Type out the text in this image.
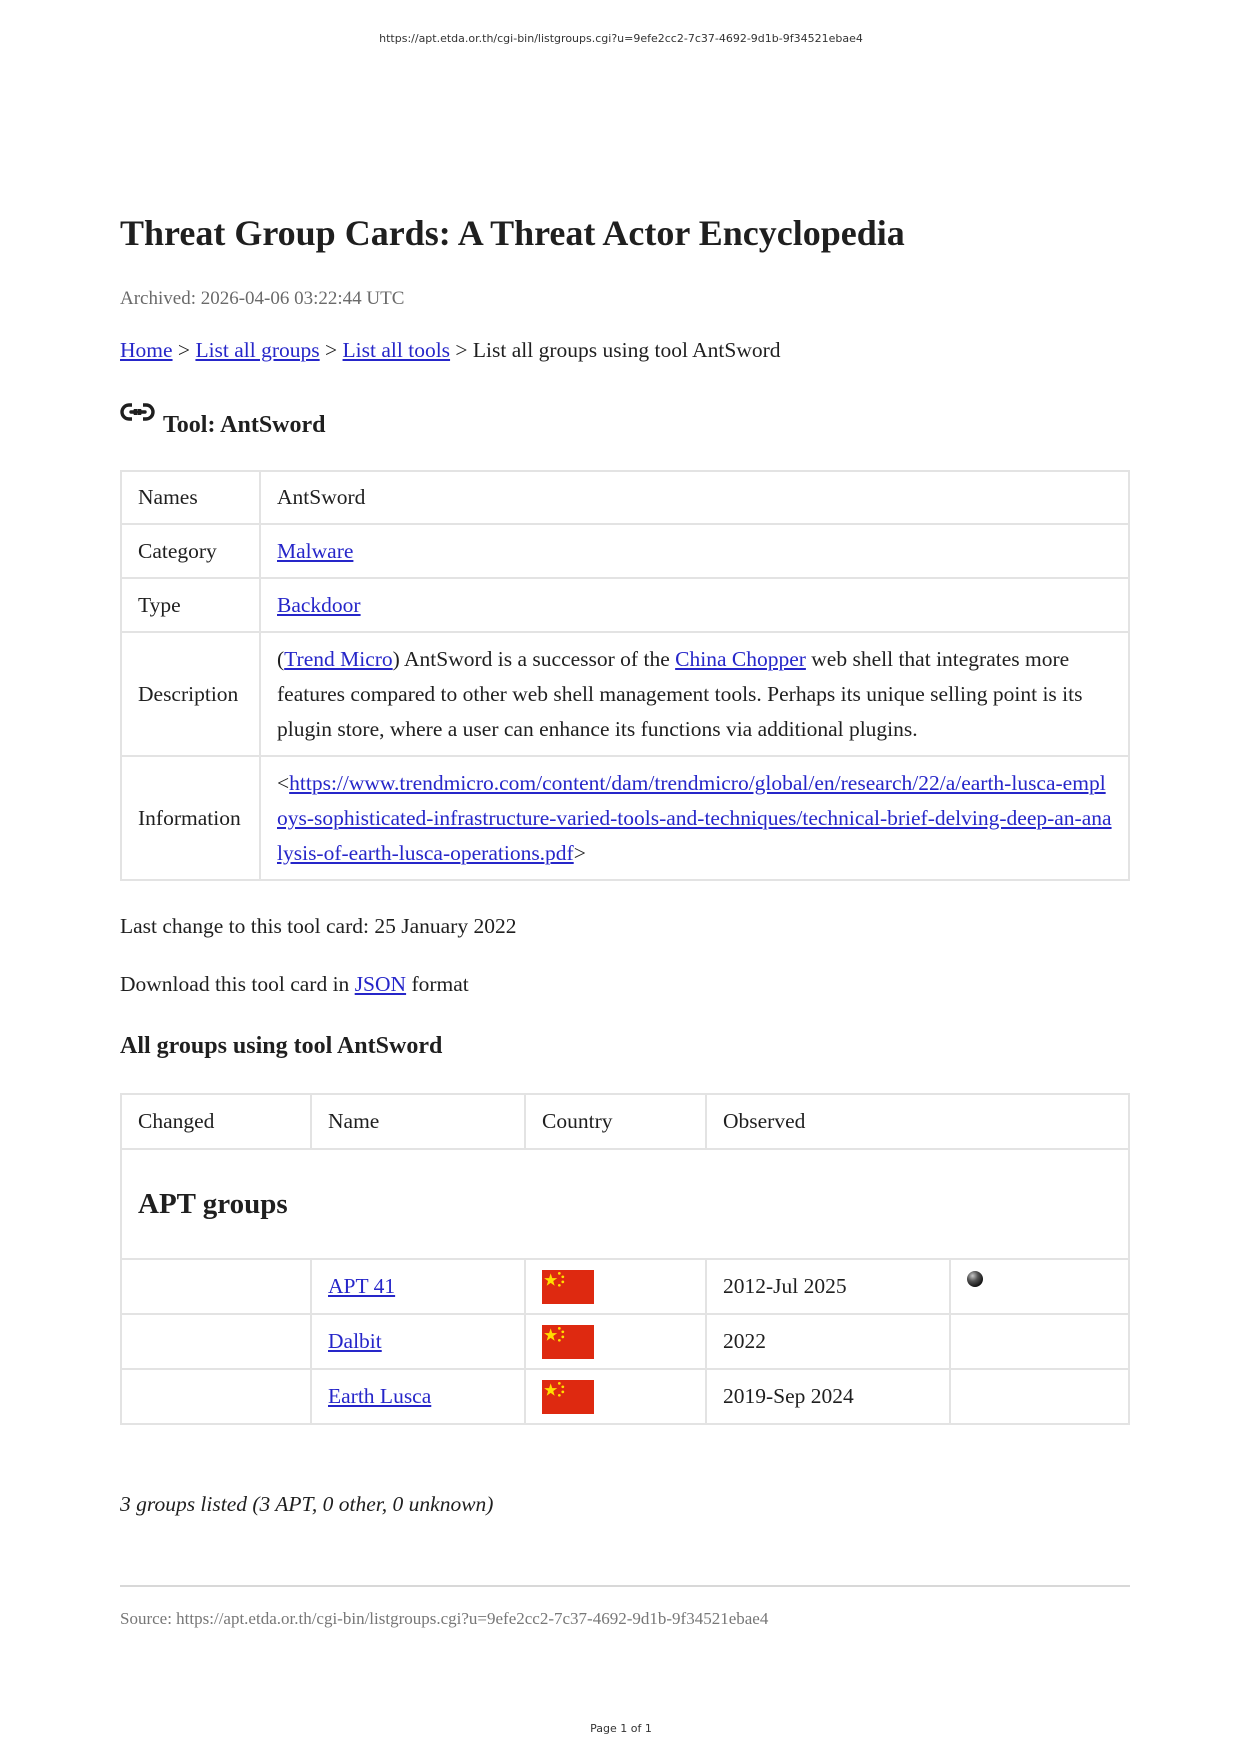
https://apt.etda.or.th/cgi-bin/listgroups.cgi?u=9efe2cc2-7c37-4692-9d1b-9f34521ebae4
Threat Group Cards: A Threat Actor Encyclopedia
Archived: 2026-04-06 03:22:44 UTC
Home > List all groups > List all tools > List all groups using tool AntSword
Tool: AntSword
Names	AntSword
Category	Malware
Type	Backdoor
Description	(Trend Micro) AntSword is a successor of the China Chopper web shell that integrates more features compared to other web shell management tools. Perhaps its unique selling point is its plugin store, where a user can enhance its functions via additional plugins.
Information	<https://www.trendmicro.com/content/dam/trendmicro/global/en/research/22/a/earth-lusca-employs-sophisticated-infrastructure-varied-tools-and-techniques/technical-brief-delving-deep-an-analysis-of-earth-lusca-operations.pdf>
Last change to this tool card: 25 January 2022
Download this tool card in JSON format
All groups using tool AntSword
Changed	Name	Country	Observed	
APT groups				
	APT 41		2012-Jul 2025	
	Dalbit		2022	
	Earth Lusca		2019-Sep 2024	
3 groups listed (3 APT, 0 other, 0 unknown)
Source: https://apt.etda.or.th/cgi-bin/listgroups.cgi?u=9efe2cc2-7c37-4692-9d1b-9f34521ebae4
Page 1 of 1
